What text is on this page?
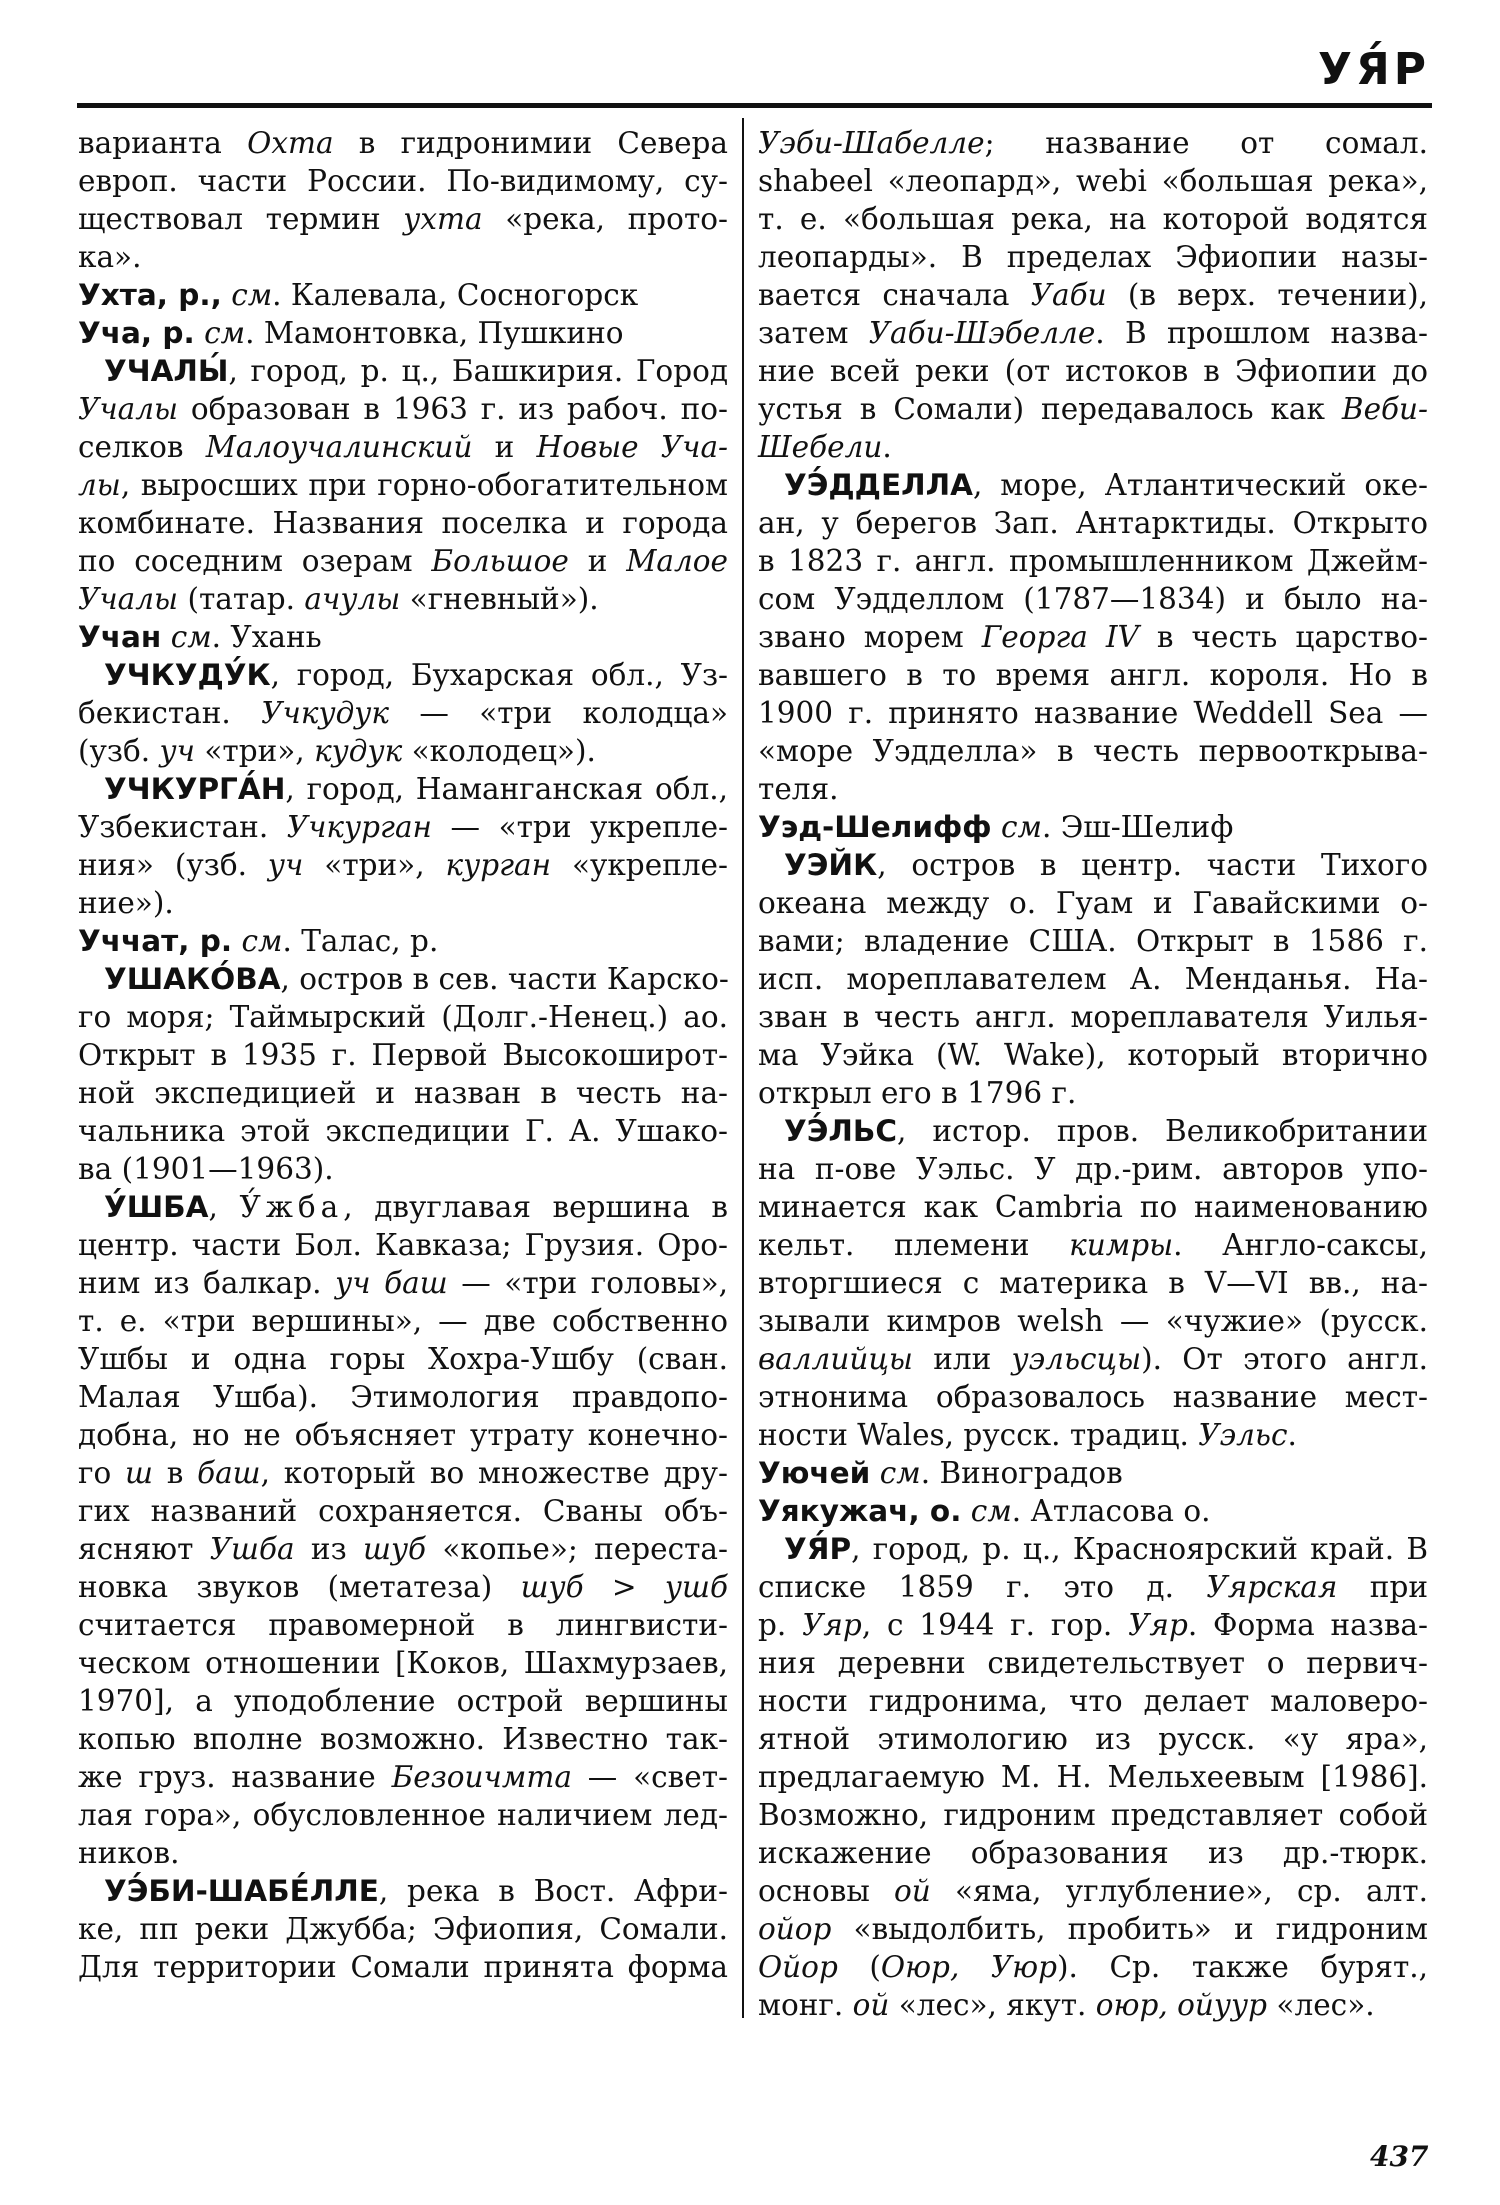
УЯ́Р
варианта Охта в гидронимии Севера
европ. части России. По-видимому, су-
ществовал термин ухта «река, прото-
ка».
Ухта, р., см. Калевала, Сосногорск
Уча, р. см. Мамонтовка, Пушкино
УЧАЛЫ́, город, р. ц., Башкирия. Город
Учалы образован в 1963 г. из рабоч. по-
селков Малоучалинский и Новые Уча-
лы, выросших при горно-обогатительном
комбинате. Названия поселка и города
по соседним озерам Большое и Малое
Учалы (татар. ачулы «гневный»).
Учан см. Ухань
УЧКУДУ́К, город, Бухарская обл., Уз-
бекистан. Учкудук — «три колодца»
(узб. уч «три», кудук «колодец»).
УЧКУРГА́Н, город, Наманганская обл.,
Узбекистан. Учкурган — «три укрепле-
ния» (узб. уч «три», курган «укрепле-
ние»).
Уччат, р. см. Талас, р.
УШАКО́ВА, остров в сев. части Карско-
го моря; Таймырский (Долг.-Ненец.) ао.
Открыт в 1935 г. Первой Высокоширот-
ной экспедицией и назван в честь на-
чальника этой экспедиции Г. А. Ушако-
ва (1901—1963).
У́ШБА, У́жба, двуглавая вершина в
центр. части Бол. Кавказа; Грузия. Оро-
ним из балкар. уч баш — «три головы»,
т. е. «три вершины», — две собственно
Ушбы и одна горы Хохра-Ушбу (сван.
Малая Ушба). Этимология правдопо-
добна, но не объясняет утрату конечно-
го ш в баш, который во множестве дру-
гих названий сохраняется. Сваны объ-
ясняют Ушба из шуб «копье»; переста-
новка звуков (метатеза) шуб > ушб
считается правомерной в лингвисти-
ческом отношении [Коков, Шахмурзаев,
1970], а уподобление острой вершины
копью вполне возможно. Известно так-
же груз. название Безоичмта — «свет-
лая гора», обусловленное наличием лед-
ников.
УЭ́БИ-ШАБЕ́ЛЛЕ, река в Вост. Афри-
ке, пп реки Джубба; Эфиопия, Сомали.
Для территории Сомали принята форма
Уэби-Шабелле; название от сомал.
shabeel «леопард», webi «большая река»,
т. е. «большая река, на которой водятся
леопарды». В пределах Эфиопии назы-
вается сначала Уаби (в верх. течении),
затем Уаби-Шэбелле. В прошлом назва-
ние всей реки (от истоков в Эфиопии до
устья в Сомали) передавалось как Веби-
Шебели.
УЭ́ДДЕЛЛА, море, Атлантический оке-
ан, у берегов Зап. Антарктиды. Открыто
в 1823 г. англ. промышленником Джейм-
сом Уэдделлом (1787—1834) и было на-
звано морем Георга IV в честь царство-
вавшего в то время англ. короля. Но в
1900 г. принято название Weddell Sea —
«море Уэдделла» в честь первооткрыва-
теля.
Уэд-Шелифф см. Эш-Шелиф
УЭЙК, остров в центр. части Тихого
океана между о. Гуам и Гавайскими о-
вами; владение США. Открыт в 1586 г.
исп. мореплавателем А. Менданья. На-
зван в честь англ. мореплавателя Уилья-
ма Уэйка (W. Wake), который вторично
открыл его в 1796 г.
УЭ́ЛЬС, истор. пров. Великобритании
на п-ове Уэльс. У др.-рим. авторов упо-
минается как Cambria по наименованию
кельт. племени кимры. Англо-саксы,
вторгшиеся с материка в V—VI вв., на-
зывали кимров welsh — «чужие» (русск.
валлийцы или уэльсцы). От этого англ.
этнонима образовалось название мест-
ности Wales, русск. традиц. Уэльс.
Уючей см. Виноградов
Уякужач, о. см. Атласова о.
УЯ́Р, город, р. ц., Красноярский край. В
списке 1859 г. это д. Уярская при
р. Уяр, с 1944 г. гор. Уяр. Форма назва-
ния деревни свидетельствует о первич-
ности гидронима, что делает маловеро-
ятной этимологию из русск. «у яра»,
предлагаемую М. Н. Мельхеевым [1986].
Возможно, гидроним представляет собой
искажение образования из др.-тюрк.
основы ой «яма, углубление», ср. алт.
ойор «выдолбить, пробить» и гидроним
Ойор (Оюр, Уюр). Ср. также бурят.,
монг. ой «лес», якут. оюр, ойуур «лес».
437
